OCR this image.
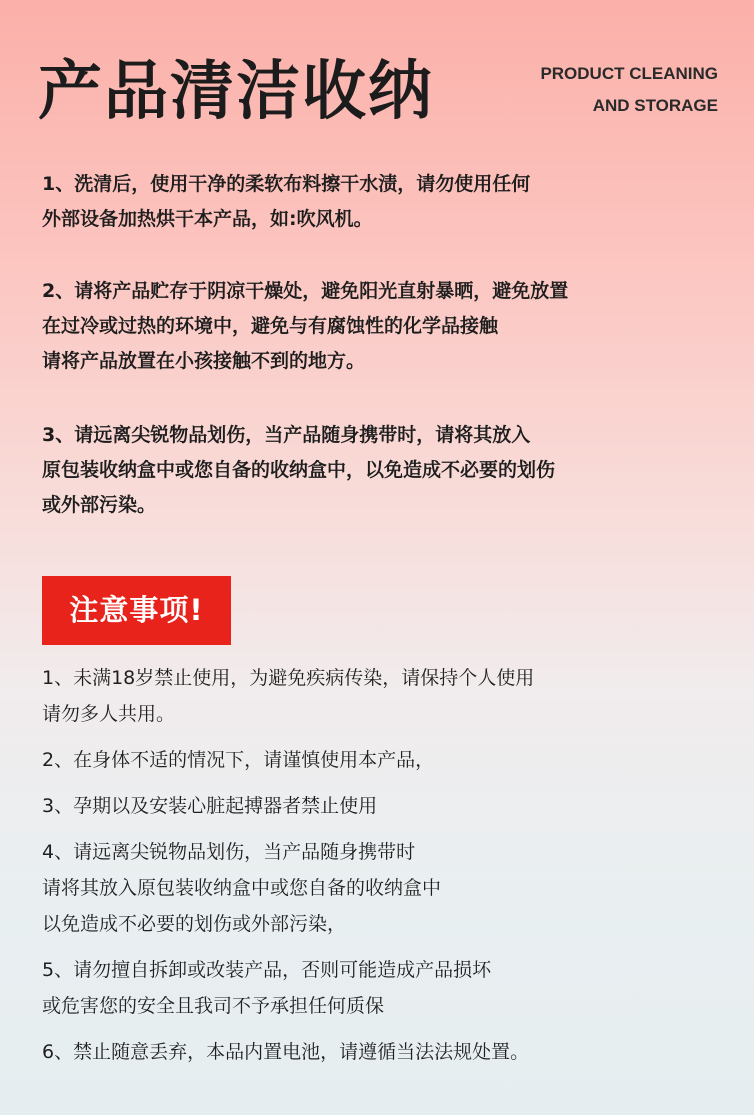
产品清洁收纳	PRODUCT CLEANING
AND STORAGE
1、洗清后，使用干净的柔软布料擦干水渍，请勿使用任何
外部设备加热烘干本产品，如:吹风机。
2、请将产品贮存于阴凉干燥处，避免阳光直射暴晒，避免放置
在过冷或过热的环境中，避免与有腐蚀性的化学品接触
请将产品放置在小孩接触不到的地方。
3、请远离尖锐物品划伤，当产品随身携带时，请将其放入
原包装收纳盒中或您自备的收纳盒中，以免造成不必要的划伤
或外部污染。
注意事项!
1、未满18岁禁止使用，为避免疾病传染，请保持个人使用
请勿多人共用。
2、在身体不适的情况下，请谨慎使用本产品，
3、孕期以及安装心脏起搏器者禁止使用
4、请远离尖锐物品划伤，当产品随身携带时
请将其放入原包装收纳盒中或您自备的收纳盒中
以免造成不必要的划伤或外部污染，
5、请勿擅自拆卸或改装产品，否则可能造成产品损坏
或危害您的安全且我司不予承担任何质保
6、禁止随意丢弃，本品内置电池，请遵循当法法规处置。
